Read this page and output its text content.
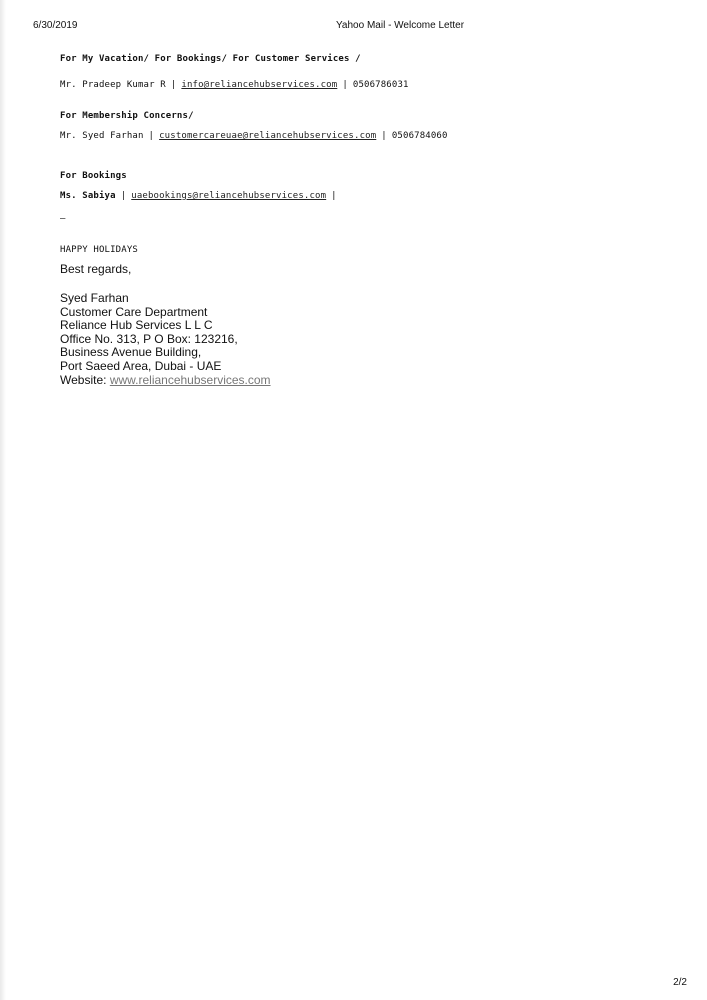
6/30/2019	Yahoo Mail - Welcome Letter
For My Vacation/ For Bookings/ For Customer Services /
Mr. Pradeep Kumar R | info@reliancehubservices.com | 0506786031
For Membership Concerns/
Mr. Syed Farhan | customercareuae@reliancehubservices.com | 0506784060
For Bookings
Ms. Sabiya | uaebookings@reliancehubservices.com |
–
HAPPY HOLIDAYS
Best regards,
Syed Farhan
Customer Care Department
Reliance Hub Services L L C
Office No. 313, P O Box: 123216,
Business Avenue Building,
Port Saeed Area, Dubai - UAE
Website: www.reliancehubservices.com
2/2
